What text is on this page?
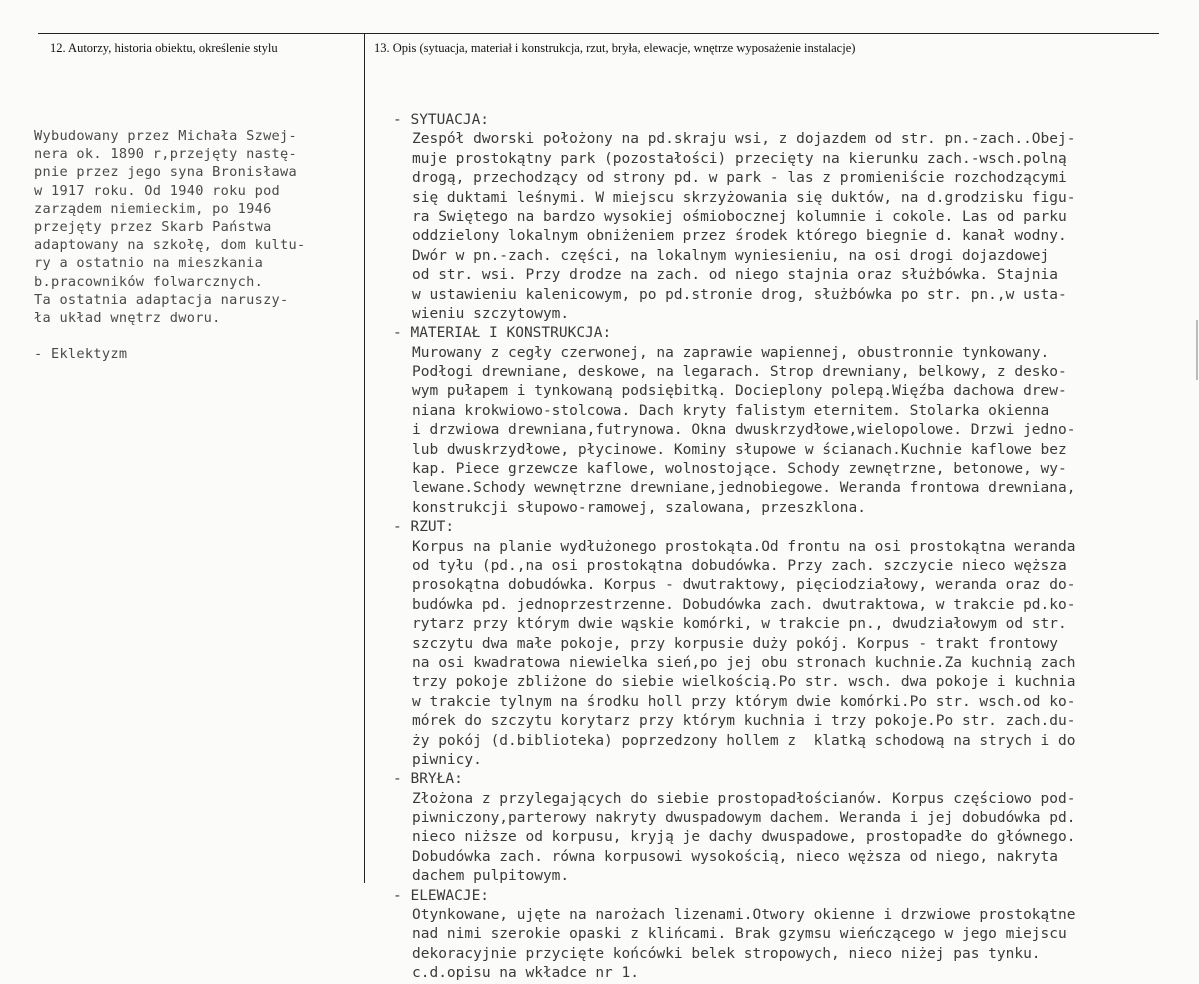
12. Autorzy, historia obiektu, określenie stylu	13. Opis (sytuacja, materiał i konstrukcja, rzut, bryła, elewacje, wnętrze wyposażenie instalacje)
Wybudowany przez Michała Szwej-
nera ok. 1890 r,przejęty nastę-
pnie przez jego syna Bronisława
w 1917 roku. Od 1940 roku pod
zarządem niemieckim, po 1946
przejęty przez Skarb Państwa
adaptowany na szkołę, dom kultu-
ry a ostatnio na mieszkania
b.pracowników folwarcznych.
Ta ostatnia adaptacja naruszy-
ła układ wnętrz dworu.
- Eklektyzm
- SYTUACJA:
Zespół dworski położony na pd.skraju wsi, z dojazdem od str. pn.-zach..Obej-
muje prostokątny park (pozostałości) przecięty na kierunku zach.-wsch.polną
drogą, przechodzący od strony pd. w park - las z promieniście rozchodzącymi
się duktami leśnymi. W miejscu skrzyżowania się duktów, na d.grodzisku figu-
ra Swiętego na bardzo wysokiej ośmiobocznej kolumnie i cokole. Las od parku
oddzielony lokalnym obniżeniem przez środek którego biegnie d. kanał wodny.
Dwór w pn.-zach. części, na lokalnym wyniesieniu, na osi drogi dojazdowej
od str. wsi. Przy drodze na zach. od niego stajnia oraz służbówka. Stajnia
w ustawieniu kalenicowym, po pd.stronie drog, służbówka po str. pn.,w usta-
wieniu szczytowym.
- MATERIAŁ I KONSTRUKCJA:
Murowany z cegły czerwonej, na zaprawie wapiennej, obustronnie tynkowany.
Podłogi drewniane, deskowe, na legarach. Strop drewniany, belkowy, z desko-
wym pułapem i tynkowaną podsiębitką. Docieplony polepą.Więźba dachowa drew-
niana krokwiowo-stolcowa. Dach kryty falistym eternitem. Stolarka okienna
i drzwiowa drewniana,futrynowa. Okna dwuskrzydłowe,wielopolowe. Drzwi jedno-
lub dwuskrzydłowe, płycinowe. Kominy słupowe w ścianach.Kuchnie kaflowe bez
kap. Piece grzewcze kaflowe, wolnostojące. Schody zewnętrzne, betonowe, wy-
lewane.Schody wewnętrzne drewniane,jednobiegowe. Weranda frontowa drewniana,
konstrukcji słupowo-ramowej, szalowana, przeszklona.
- RZUT:
Korpus na planie wydłużonego prostokąta.Od frontu na osi prostokątna weranda
od tyłu (pd.,na osi prostokątna dobudówka. Przy zach. szczycie nieco węższa
prosokątna dobudówka. Korpus - dwutraktowy, pięciodziałowy, weranda oraz do-
budówka pd. jednoprzestrzenne. Dobudówka zach. dwutraktowa, w trakcie pd.ko-
rytarz przy którym dwie wąskie komórki, w trakcie pn., dwudziałowym od str.
szczytu dwa małe pokoje, przy korpusie duży pokój. Korpus - trakt frontowy
na osi kwadratowa niewielka sień,po jej obu stronach kuchnie.Za kuchnią zach
trzy pokoje zbliżone do siebie wielkością.Po str. wsch. dwa pokoje i kuchnia
w trakcie tylnym na środku holl przy którym dwie komórki.Po str. wsch.od ko-
mórek do szczytu korytarz przy którym kuchnia i trzy pokoje.Po str. zach.du-
ży pokój (d.biblioteka) poprzedzony hollem z  klatką schodową na strych i do
piwnicy.
- BRYŁA:
Złożona z przylegających do siebie prostopadłościanów. Korpus częściowo pod-
piwniczony,parterowy nakryty dwuspadowym dachem. Weranda i jej dobudówka pd.
nieco niższe od korpusu, kryją je dachy dwuspadowe, prostopadłe do głównego.
Dobudówka zach. równa korpusowi wysokością, nieco węższa od niego, nakryta
dachem pulpitowym.
- ELEWACJE:
Otynkowane, ujęte na narożach lizenami.Otwory okienne i drzwiowe prostokątne
nad nimi szerokie opaski z klińcami. Brak gzymsu wieńczącego w jego miejscu
dekoracyjnie przycięte końcówki belek stropowych, nieco niżej pas tynku.
c.d.opisu na wkładce nr 1.
